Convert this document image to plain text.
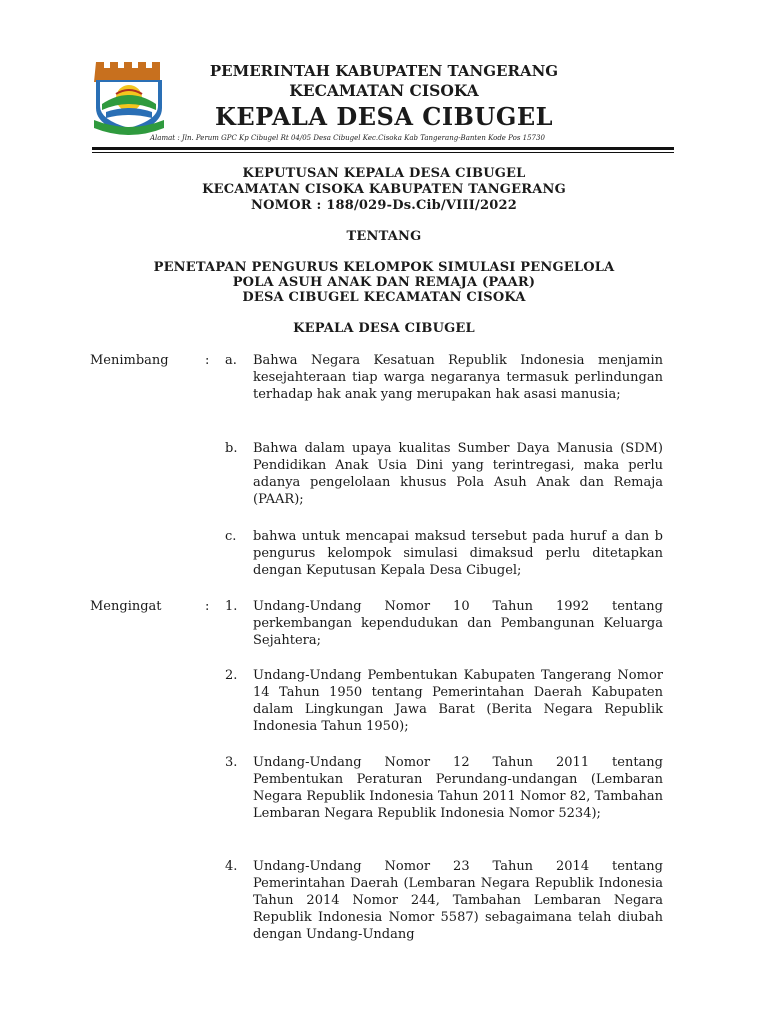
PEMERINTAH KABUPATEN TANGERANG
KECAMATAN CISOKA
KEPALA DESA CIBUGEL
Alamat : Jln. Perum GPC Kp Cibugel Rt 04/05 Desa Cibugel Kec.Cisoka Kab Tangerang-Banten Kode Pos 15730
KEPUTUSAN KEPALA DESA CIBUGEL
KECAMATAN CISOKA KABUPATEN TANGERANG
NOMOR : 188/029-Ds.Cib/VIII/2022
TENTANG
PENETAPAN PENGURUS KELOMPOK SIMULASI PENGELOLA
POLA ASUH ANAK DAN REMAJA (PAAR)
DESA CIBUGEL KECAMATAN CISOKA
KEPALA DESA CIBUGEL
Menimbang	: a. Bahwa Negara Kesatuan Republik Indonesia menjamin kesejahteraan tiap warga negaranya termasuk perlindungan terhadap hak anak yang merupakan hak asasi manusia;
b. Bahwa dalam upaya kualitas Sumber Daya Manusia (SDM) Pendidikan Anak Usia Dini yang terintregasi, maka perlu adanya pengelolaan khusus Pola Asuh Anak dan Remaja (PAAR);
c. bahwa untuk mencapai maksud tersebut pada huruf a dan b pengurus kelompok simulasi dimaksud perlu ditetapkan dengan Keputusan Kepala Desa Cibugel;
Mengingat	: 1. Undang-Undang Nomor 10 Tahun 1992 tentang perkembangan kependudukan dan Pembangunan Keluarga Sejahtera;
2. Undang-Undang Pembentukan Kabupaten Tangerang Nomor 14 Tahun 1950 tentang Pemerintahan Daerah Kabupaten dalam Lingkungan Jawa Barat (Berita Negara Republik Indonesia Tahun 1950);
3. Undang-Undang Nomor 12 Tahun 2011 tentang Pembentukan Peraturan Perundang-undangan (Lembaran Negara Republik Indonesia Tahun 2011 Nomor 82, Tambahan Lembaran Negara Republik Indonesia Nomor 5234);
4. Undang-Undang Nomor 23 Tahun 2014 tentang Pemerintahan Daerah (Lembaran Negara Republik Indonesia Tahun 2014 Nomor 244, Tambahan Lembaran Negara Republik Indonesia Nomor 5587) sebagaimana telah diubah dengan Undang-Undang
